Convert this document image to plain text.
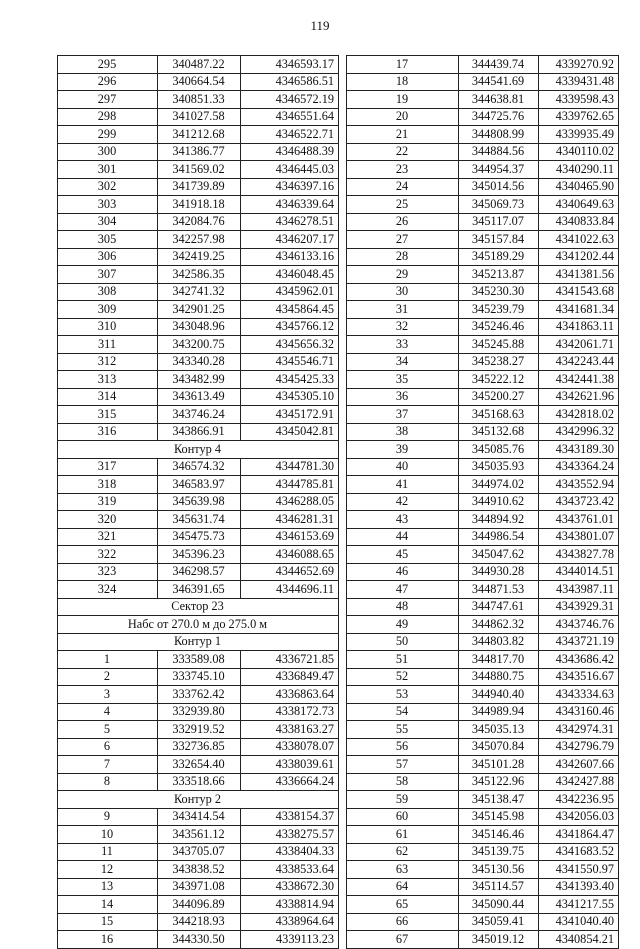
119
295	340487.22	4346593.17
296	340664.54	4346586.51
297	340851.33	4346572.19
298	341027.58	4346551.64
299	341212.68	4346522.71
300	341386.77	4346488.39
301	341569.02	4346445.03
302	341739.89	4346397.16
303	341918.18	4346339.64
304	342084.76	4346278.51
305	342257.98	4346207.17
306	342419.25	4346133.16
307	342586.35	4346048.45
308	342741.32	4345962.01
309	342901.25	4345864.45
310	343048.96	4345766.12
311	343200.75	4345656.32
312	343340.28	4345546.71
313	343482.99	4345425.33
314	343613.49	4345305.10
315	343746.24	4345172.91
316	343866.91	4345042.81
Контур 4		
317	346574.32	4344781.30
318	346583.97	4344785.81
319	345639.98	4346288.05
320	345631.74	4346281.31
321	345475.73	4346153.69
322	345396.23	4346088.65
323	346298.57	4344652.69
324	346391.65	4344696.11
Сектор 23		
Набс от 270.0 м до 275.0 м		
Контур 1		
1	333589.08	4336721.85
2	333745.10	4336849.47
3	333762.42	4336863.64
4	332939.80	4338172.73
5	332919.52	4338163.27
6	332736.85	4338078.07
7	332654.40	4338039.61
8	333518.66	4336664.24
Контур 2		
9	343414.54	4338154.37
10	343561.12	4338275.57
11	343705.07	4338404.33
12	343838.52	4338533.64
13	343971.08	4338672.30
14	344096.89	4338814.94
15	344218.93	4338964.64
16	344330.50	4339113.23
17	344439.74	4339270.92
18	344541.69	4339431.48
19	344638.81	4339598.43
20	344725.76	4339762.65
21	344808.99	4339935.49
22	344884.56	4340110.02
23	344954.37	4340290.11
24	345014.56	4340465.90
25	345069.73	4340649.63
26	345117.07	4340833.84
27	345157.84	4341022.63
28	345189.29	4341202.44
29	345213.87	4341381.56
30	345230.30	4341543.68
31	345239.79	4341681.34
32	345246.46	4341863.11
33	345245.88	4342061.71
34	345238.27	4342243.44
35	345222.12	4342441.38
36	345200.27	4342621.96
37	345168.63	4342818.02
38	345132.68	4342996.32
39	345085.76	4343189.30
40	345035.93	4343364.24
41	344974.02	4343552.94
42	344910.62	4343723.42
43	344894.92	4343761.01
44	344986.54	4343801.07
45	345047.62	4343827.78
46	344930.28	4344014.51
47	344871.53	4343987.11
48	344747.61	4343929.31
49	344862.32	4343746.76
50	344803.82	4343721.19
51	344817.70	4343686.42
52	344880.75	4343516.67
53	344940.40	4343334.63
54	344989.94	4343160.46
55	345035.13	4342974.31
56	345070.84	4342796.79
57	345101.28	4342607.66
58	345122.96	4342427.88
59	345138.47	4342236.95
60	345145.98	4342056.03
61	345146.46	4341864.47
62	345139.75	4341683.52
63	345130.56	4341550.97
64	345114.57	4341393.40
65	345090.44	4341217.55
66	345059.41	4341040.40
67	345019.12	4340854.21
